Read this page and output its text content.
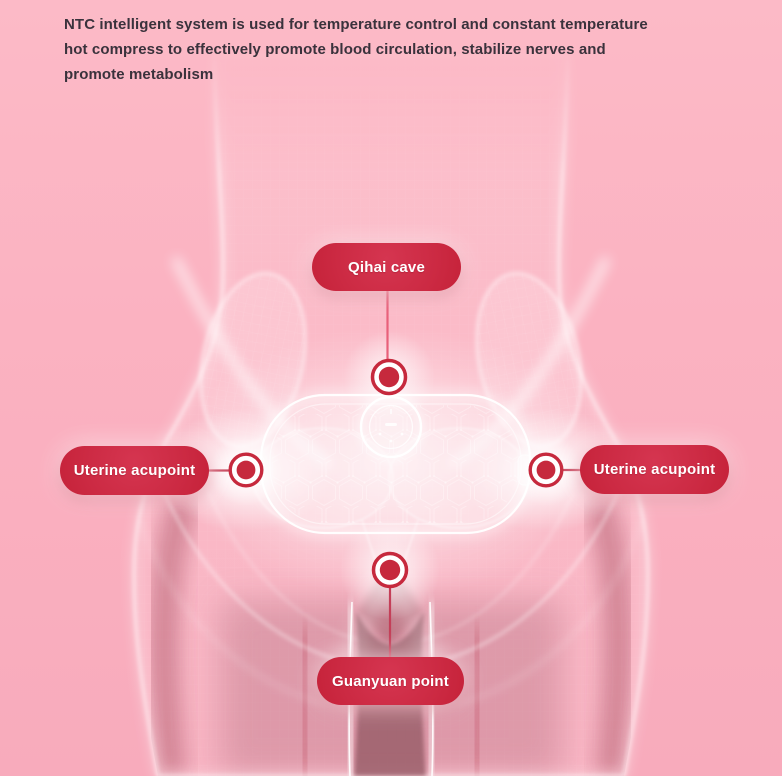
NTC intelligent system is used for temperature control and constant temperature
hot compress to effectively promote blood circulation, stabilize nerves and
promote metabolism
Qihai cave
Uterine acupoint	Uterine acupoint
Guanyuan point
